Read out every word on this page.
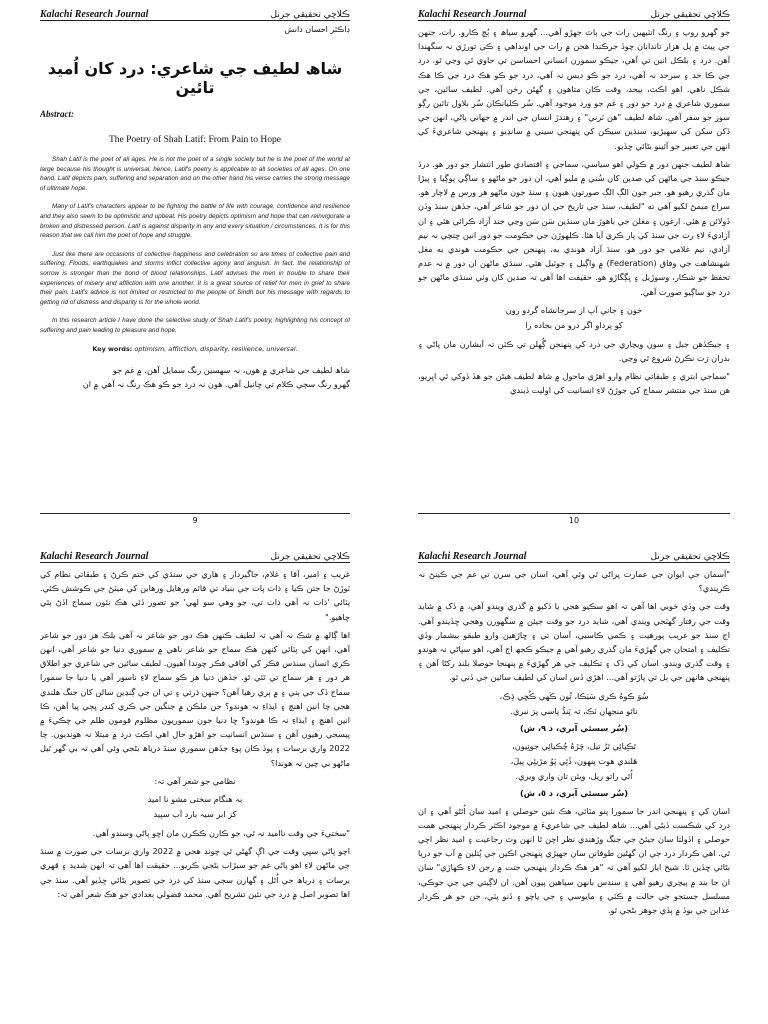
Kalachi Research Journal	ڪلاچي تحقيقي جرنل
ڊاڪٽر احسان دانش
شاھ لطيف جي شاعري: درد کان اُميد تائين
Abstract:
The Poetry of Shah Latif: From Pain to Hope

Shah Latif is the poet of all ages. He is not the poet of a single society but he is the poet of the world at large because his thought is universal, hence, Latif's poetry is applicable to all societies of all ages. On one hand, Latif depicts pain, suffering and separation and on the other hand his verse carries the strong message of ultimate hope.

Many of Latif's characters appear to be fighting the battle of life with courage, confidence and resilience and they also seem to be optimistic and upbeat. His poetry depicts optimism and hope that can reinvigorate a broken and distressed person. Latif is against disparity in any and every situation / circumstances. It is for this reason that we call him the poet of hope and struggle.

Just like there are occasions of collective happiness and celebration so are times of collective pain and suffering. Floods, earthquakes and storms inflict collective agony and anguish. In fact, the relationship of sorrow is stronger than the bond of blood relationships. Latif advises the men in trouble to share their experiences of misery and affliction with one another. It is a great source of relief for men in grief to share their pain. Latif's advice is not limited or restricted to the people of Sindh but his message with regards to getting rid of distress and disparity is for the whole world.

In this research article I have done the selective study of Shah Latif's poetry, highlighting his concept of suffering and pain leading to pleasure and hope.

Key words: optimism, affliction, disparity, resilience, universal.

شاھ لطيف جي شاعري ۾ هون، نہ سھسين رنگ سمايل آهن. ۾ غم جو

گهرو رنگ سڄي ڪلام تي ڇانيل آهي. هون نہ درد جو ڪو هڪ رنگ نہ آهي ۾ ان

9
Kalachi Research Journal	ڪلاچي تحقيقي جرنل

جو گهرو روپ ۽ رنگ انٽيهين رات جي ٻاٽ جهڙو آهي... گهرو سياھ ۽ ٻُڄ ڪارو. رات، جنھن جي پيٽ ۾ پل هزار تاندانان چوڏ جرڪندا هجن ۾ رات جي اونداهي ۽ ڪي تورڙي نہ سگهندا آهن. درد ۽ بلڪل انين تي آهي، جيڪو سمورن انساني احساسن تي حاوي ٿي وڃي ٿو. درد جي ڪا حد ۽ سرحد نہ آهي، درد جو ڪو ديس نہ آهي، درد جو ڪو هڪ درد جي ڪا هڪ شڪل ناهي. اھو اڪٽ، بيحد، وقت ڪان متاهون ۽ گهڻن رخن آهي. لطيف سائين، جي سموري شاعري ۾ درد جو دور ۽ غم جو ورد موجود آهي. سُر ڪليانڪان سُر بلاول تائين رڳو سوز جو سفر آهي. شاھ لطيف "هن ٽرني" ۽ رهندڙ انسان جي اندر ۾ جهاني پاڻي، انھن جي ڏکن سکن کي سھيڙيو، سنڌين سيڪن کي پنھنجي سيني ۾ سانڍيو ۽ پنھنجي شاعريءَ کي انھن جي تعبير جو آئينو بڻائي ڇڏيو.

شاھ لطيف جنھن دور ۾ ڪولي اهو سياسي، سماجي ۽ اقتصادي طور انتشار جو دور هو. درڏ جيڪو سنڌ جي ماڻهن کي صدين کان سُني ۾ مليو آهي، ان دور جو ماڻهو ۽ ساڳي پوڳيا ۽ پيڙا مان گذري رهيو هو. جبر جون الڳ الڳ صورتون هيون ۽ سنڌ جون ماڻهو هر ورس ۾ لاچار هو. سراج ميمڻ لکيو آهي ته "لطيف، سنڌ جي تاريخ جي ان دور جو شاعر آهي، جڏهن سنڌ وڏن ڏولائن ۾ هئي. ارغون ۽ مغلن جي باهوڙ مان سنڌين سَن سَن وڃي جند آزاد ڪرائي هئي ۽ ان آزاديءَ لاءِ رت جي سنڌ کي پار ڪري آيا هئا. ڪلهوڙن جي حڪومت جو دور انين ڇتچي نہ نيم آزادي، نيم غلامي جو دور هو. سنڌ آزاد هوندي به، پنھنجن جي حڪومت هوندي به مغل شھنشاهت جي وفاق (Federation) ۾ واڳيل ۽ جوٽيل هئي. سنڌي ماڻهن ان دور ۾ نہ عدم تحفظ جو شڪار، وسوڙيل ۽ ڀڳگاڙو هو. حقيقت اها آهي تہ صدين کان وٺي سنڌي ماڻهن جو درد جو ساڳيو صورت آهي.

خون ۽ جاني آپ از سرجانشاه گردو رون
کو پرداو اگر درو من بجاده را

۽ جيڪڏهن جبل ۽ سون ويچاري جي درد کي پنھنجن ڳُهلن تي ڪٽن تہ آبشارن مان پاڻي ۽ بدران رَت نڪرڻ شروع ٿي وڃي.

"سماجي ابتري ۽ طبقاتي نظام وارو اهڙي ماحول ۾ شاھ لطيف هيڻن جو هڏ ڏوکي ٿي اڀريو، هن سنڌ جي منتشر سماج کي جوڙڻ لاءِ انسانيت کي اوليت ڏيندي

10
Kalachi Research Journal	ڪلاچي تحقيقي جرنل

غريب ۽ امير، آقا ۽ غلام، جاگيردار ۽ هاري جي سنڌي کي ختم ڪرڻ ۽ طبقاتي نظام کي ٽوڙڻ جا جتن ڪيا ۽ ذات پات جي بنياد تي قائم ورهايل ورهاين کي ميٽڻ جي ڪوشش ڪئي. پٽائي 'ذات نہ آهي ذات تي، جو وهي سو لهي' جو تصور ڏئي هڪ نئون سماج اڏڻ پئي چاهيو."

اها ڳالھ ۾ شڪ نہ آهي تہ لطيف ڪنھن هڪ دور جو شاعر نہ آهي بلڪ هر دور جو شاعر آهي، انهن کي پٽائي کنھن هڪ سماج جو شاعر ناهي ۾ سموري دنيا جو شاعر آهي، انهن ڪري انسان سنڌس فڪر کي آفاقي فڪر چوندا آهيون. لطيف سائين جي شاعري جو اطلاق هر دور ۽ هر سماج تي ٿئي ٿو. جڏهن دنيا هر ڪو سماج لاءِ ناسور آهي يا دنيا جا سمورا سماج ڏک جي ٻني ۽ ۾ ٻري رهيا آهن؟ جنھن ڌرتي ۽ تي ان جي ڳنڍين سالن کان جنگ هلندي هجي چا انين اهنچ ۽ ايذاءِ نہ هوندو؟ جن ملڪن ۾ جنگين جي ڪري کنڊر ڀڄي پيا آهن، ڪا انين اهنچ ۽ ايذاءِ نہ ڪا هوندو؟ ڇا دنيا جون سموريون مظلوم قومون ظلم جي چڪيءَ ۾ پيسجي رهيون آهن ۽ سنڌس انسانيت جو اهڙو حال اهي اڪٽ درد ۾ مبتلا نہ هونديون. چا 2022 واري برسات ۽ پوڏ ڪان پوءِ جڏهن سموري سنڌ درياھ بڻجي وئي آهي تہ بي گهر ٿيل ماڻهو بي چين نہ هوندا؟

نظامي جو شعر آهي تہ:

بہ ھنگام سختی مشو نا امید
کز ابر سیہ بارد آب سپید

"سختيءَ جي وقت نااميد نہ ٿي، جو ڪارن ڪڪرن مان اڇو پاڻي وسندو آهي.

اچو پاڻي سڀي وقت جي اڳ گهڻي ٿي چونڊ هجي ۾ 2022 واري برسات جي صورت ۾ سنڌ جي ماڻهن لاءِ اهو پاڻي غم جو سيڙاب بڻجي ڪريو... حقيقت اها آهي تہ انهن شديد ۽ قهري برسات ۽ درياھ جي اُٿل ۽ گهارن سڄي سنڌ کي درد جي تصوير بڻائي ڇڏيو آهي. سنڌ جي اها تصوير اصل ۾ درد جي نئين تشريح آهي. محمد فضولي بغدادي جو هڪ شعر آهي تہ:

Kalachi Research Journal	ڪلاچي تحقيقي جرنل

"آسمان جي ايوان جي عمارت پراڻي ٿي وئي آهي، اسان جي سرن تي غم جي ڪينڻ نہ ڪريندي؟

وقت جي وڏي خوبي اها آهي تہ اهو سڪيو هجي يا ڏکيو ۾ گذري ويندو آهي، ۾ ڏک ۾ شايد وقت جي رفتار گهٽجي ويندي آهي، شايد درد جو وقت جيئن ۾ سگهورن وهجي ڇڏيندو آهي. اڄ سنڌ جو غريب پورهيت ۽ ڪمي ڪاسبي، آسان تي ۽ ڇاڙهين وارو طبقو بيشمار وڏي تڪليف ۽ امتحان جي گهڙيءَ مان گذري رهيو آهي ۾ جيڪو ڪجھ اڄ آهي، اهو سڀاڻي نہ هوندو ۽ وقت گذري ويندو. اسان کي ڏک ۽ تڪليف جي هر گهڙيءَ ۾ پنھنجا حوصلا بلند رکڻا آهن ۽ پنھنجي هانھن جي ٻل تي پاڙتو آهي... اهڙي ڏس اسان کي لطيف سائين جي ڏني ٿو.

سُوَ ڪوهُ ڪري سَيَڪا، تُون ڪَهي ڪُڇي ڌِڪ،
ناتَو منجهان نَڪ، تہ پَنڌُ پاسي پرَ نبري.
(سُر سسئي آبري، د ٩، ش)
ٿڪِيائِي تَرُ تيل، چَڙهُ چُڪيائِي جوتِيون،
هَلندي هوت پنهون، ڏَٿِي پَوُ مڙيئِي پيلَ،
اُٿي راتو ريل، ويئن تان واري ويري.
(سُر سسئي آبري، د ٥، ش)

اسان کي ۽ پنھنجي اندر جا سمورا پنو مٽائي، هڪ نئين حوصلي ۽ اميد سان اُٿڻو آهي ۽ ان درد کي شڪست ڏيڻي آهي... شاھ لطيف جي شاعريءَ ۾ موجود اڪثر ڪردار پنھنجي همت حوصلي ۽ اڏولتا سان جيئڻ جي جنگ وڙهندي نظر اچن ٿا انهن وٽ رجاعيت ۽ اميد نظر اچي ٿي. اهي ڪردار درد جي ان گهڻين طوفانن سان جھيڙي پنھنجي اڪين جي پُتلين ۾ آب جو دريا بڻائي ڇڏين ٿا. شيخ اياز لکيو آهي تہ "هر هڪ ڪردار پنھنجي جنت ۾ رجن لاءِ ڪهاڙي" سان ان جا بند ۾ پيچري رهيو آهي ۽ سندس بانهن سياهين پيون آهن. ان لاڳيتي جي جي جوڪي، مسلسل جستجو جي حالت ۾ ڪٽي ۽ مايوسي ۽ جي ياچو ۽ ڏنو پٽي، جن جو هر ڪردار عذابن جي بوڏ ۾ ٻڏي جوهر بڻجي ٿو.
